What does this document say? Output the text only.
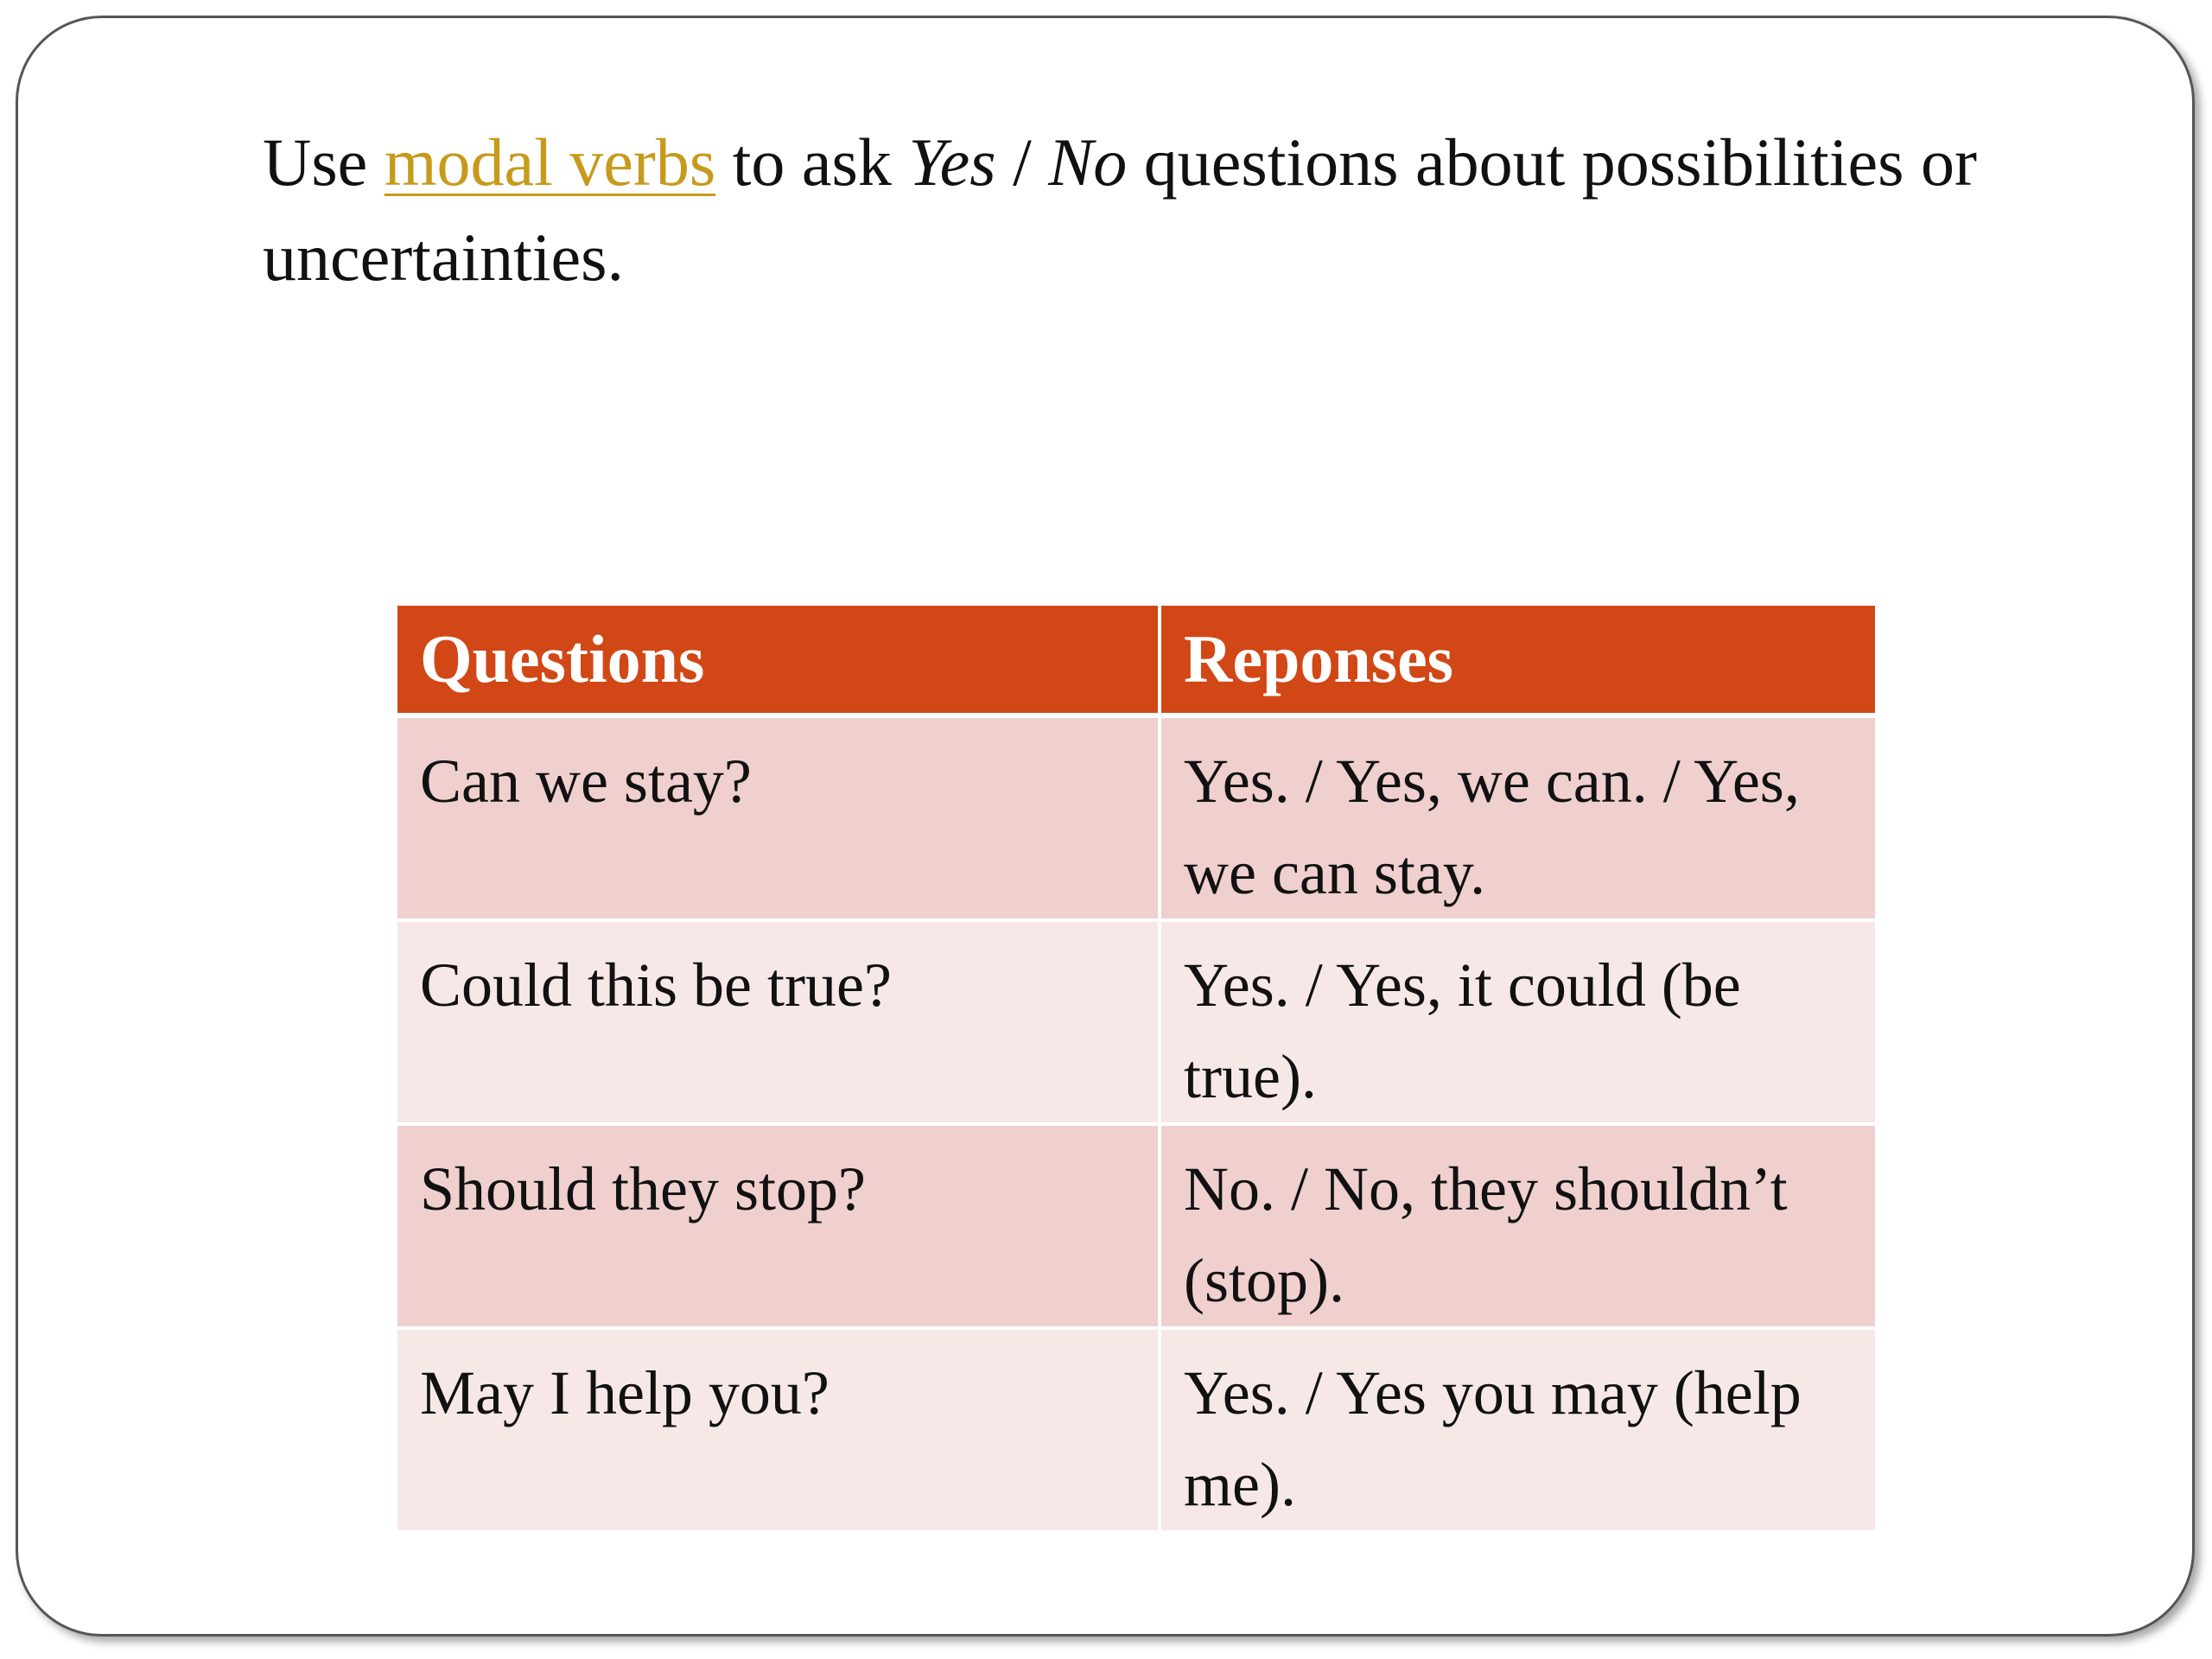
Use modal verbs to ask Yes / No questions about possibilities or uncertainties.
Questions	Reponses
Can we stay?	Yes. / Yes, we can. / Yes, we can stay.
Could this be true?	Yes. / Yes, it could (be true).
Should they stop?	No. / No, they shouldn’t (stop).
May I help you?	Yes. / Yes you may (help me).
